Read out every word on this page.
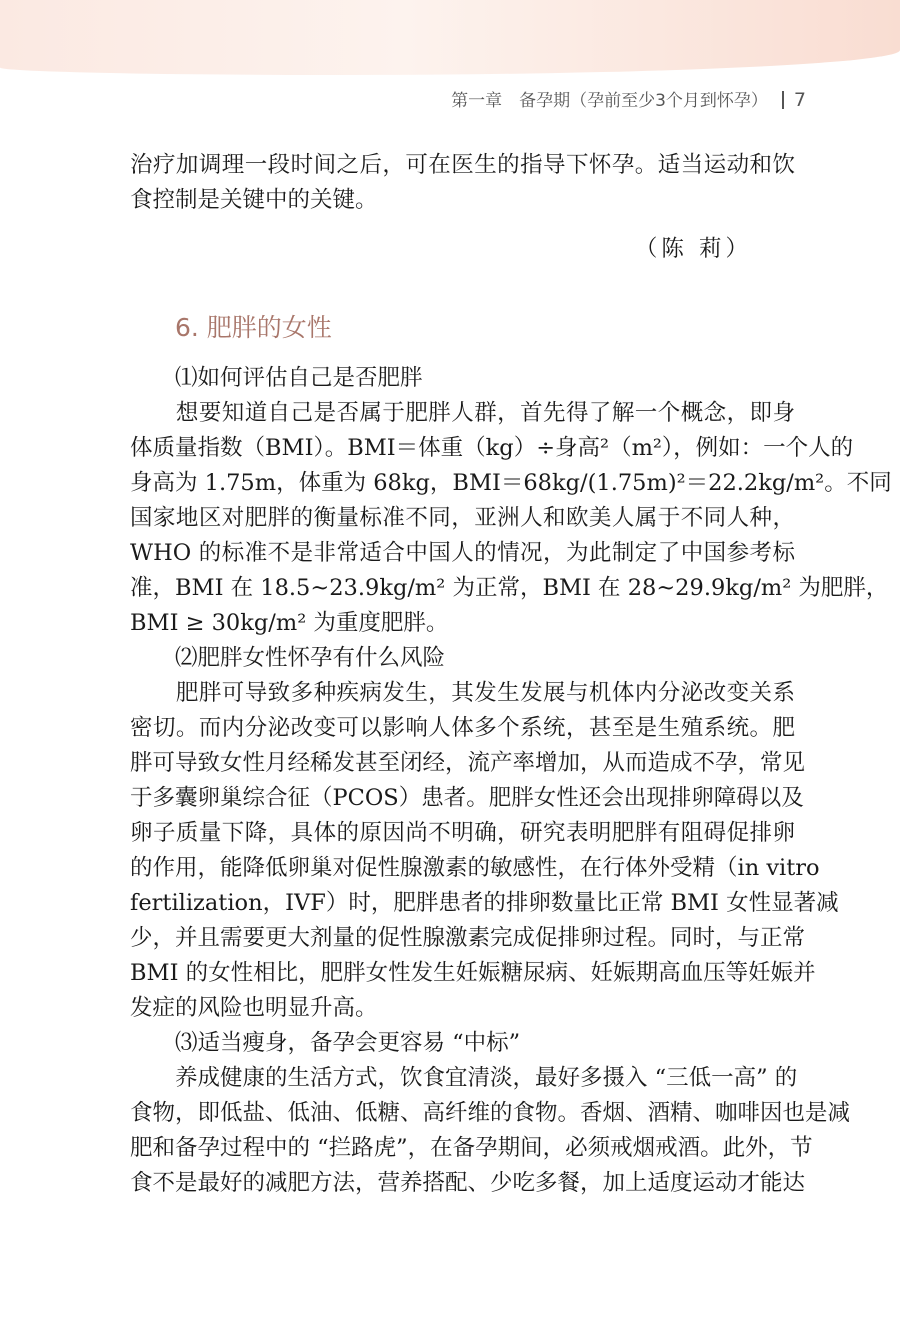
第一章　备孕期（孕前至少3个月到怀孕） 7
治疗加调理一段时间之后，可在医生的指导下怀孕。适当运动和饮
食控制是关键中的关键。
（陈 莉）
6. 肥胖的女性
⑴如何评估自己是否肥胖
　　想要知道自己是否属于肥胖人群，首先得了解一个概念，即身
体质量指数（BMI）。BMI＝体重（kg）÷身高²（m²），例如：一个人的
身高为 1.75m，体重为 68kg，BMI＝68kg/(1.75m)²＝22.2kg/m²。不同
国家地区对肥胖的衡量标准不同，亚洲人和欧美人属于不同人种，
WHO 的标准不是非常适合中国人的情况，为此制定了中国参考标
准，BMI 在 18.5~23.9kg/m² 为正常，BMI 在 28~29.9kg/m² 为肥胖，
BMI ≥ 30kg/m² 为重度肥胖。
⑵肥胖女性怀孕有什么风险
　　肥胖可导致多种疾病发生，其发生发展与机体内分泌改变关系
密切。而内分泌改变可以影响人体多个系统，甚至是生殖系统。肥
胖可导致女性月经稀发甚至闭经，流产率增加，从而造成不孕，常见
于多囊卵巢综合征（PCOS）患者。肥胖女性还会出现排卵障碍以及
卵子质量下降，具体的原因尚不明确，研究表明肥胖有阻碍促排卵
的作用，能降低卵巢对促性腺激素的敏感性，在行体外受精（in vitro
fertilization，IVF）时，肥胖患者的排卵数量比正常 BMI 女性显著减
少，并且需要更大剂量的促性腺激素完成促排卵过程。同时，与正常
BMI 的女性相比，肥胖女性发生妊娠糖尿病、妊娠期高血压等妊娠并
发症的风险也明显升高。
⑶适当瘦身，备孕会更容易 “中标”
　　养成健康的生活方式，饮食宜清淡，最好多摄入 “三低一高” 的
食物，即低盐、低油、低糖、高纤维的食物。香烟、酒精、咖啡因也是减
肥和备孕过程中的 “拦路虎”，在备孕期间，必须戒烟戒酒。此外，节
食不是最好的减肥方法，营养搭配、少吃多餐，加上适度运动才能达
